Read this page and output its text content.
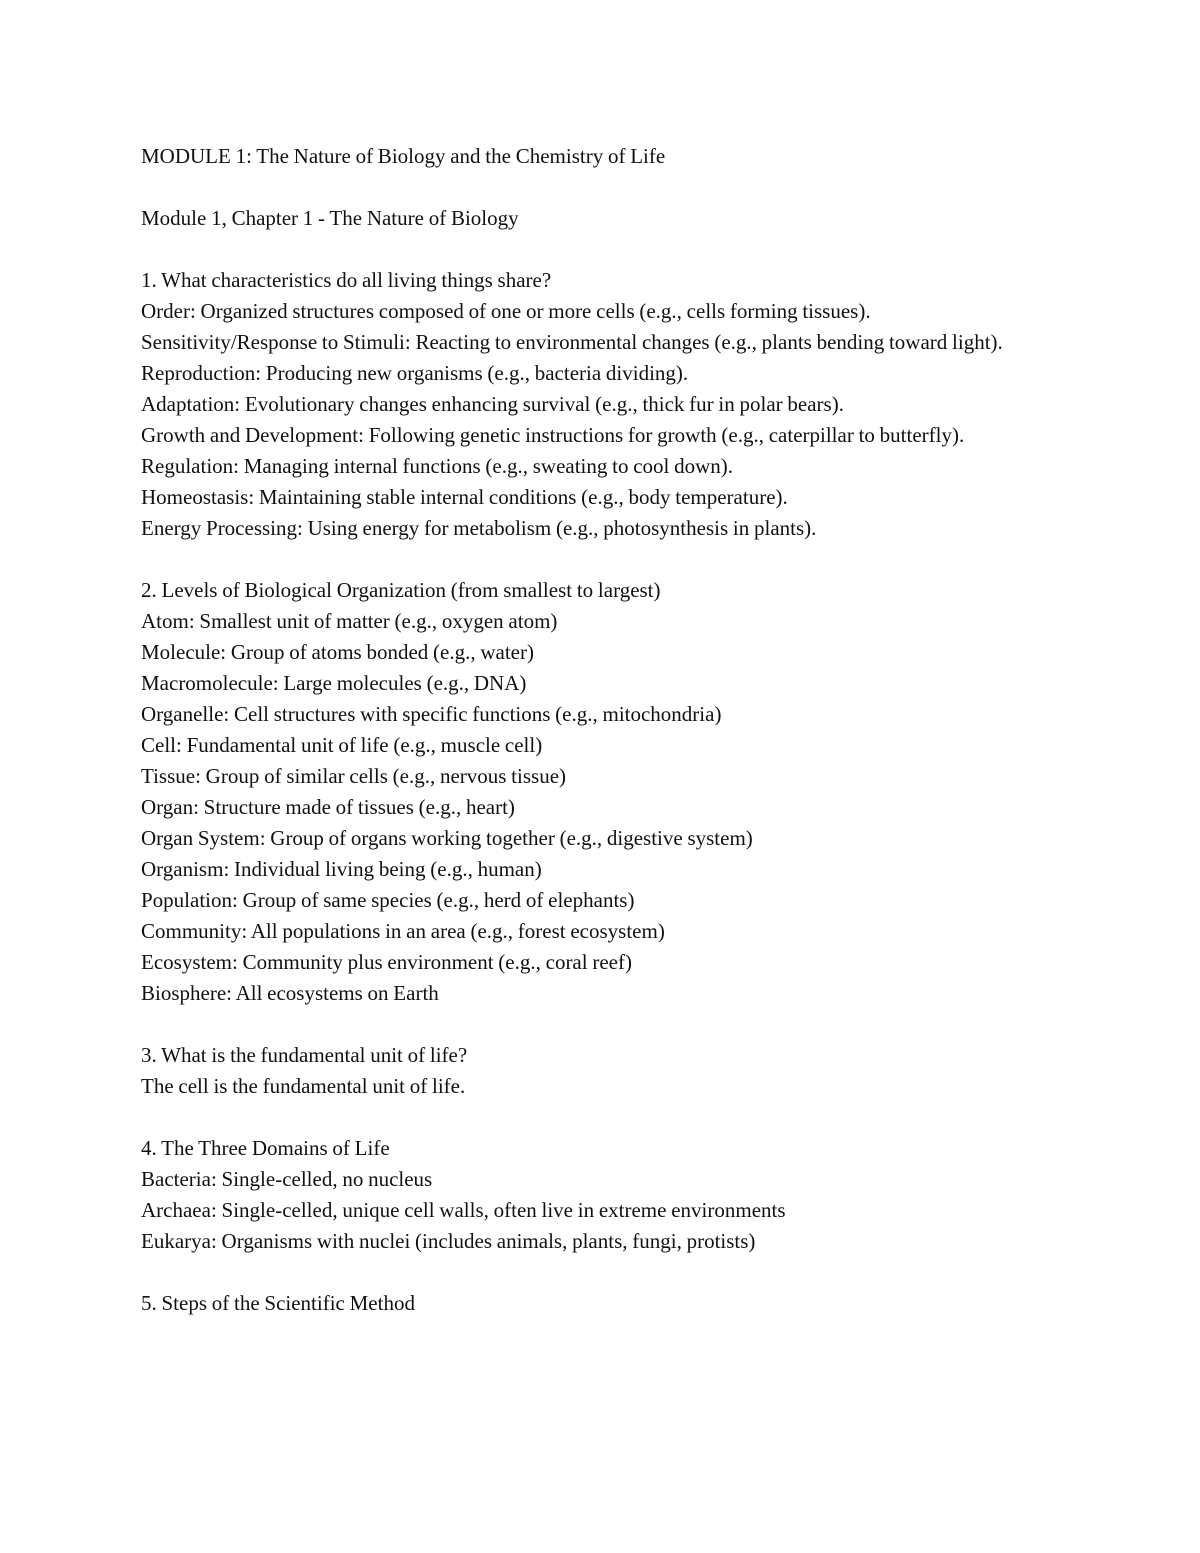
MODULE 1: The Nature of Biology and the Chemistry of Life

Module 1, Chapter 1 - The Nature of Biology

1. What characteristics do all living things share?

Order: Organized structures composed of one or more cells (e.g., cells forming tissues).

Sensitivity/Response to Stimuli: Reacting to environmental changes (e.g., plants bending toward light).

Reproduction: Producing new organisms (e.g., bacteria dividing).

Adaptation: Evolutionary changes enhancing survival (e.g., thick fur in polar bears).

Growth and Development: Following genetic instructions for growth (e.g., caterpillar to butterfly).

Regulation: Managing internal functions (e.g., sweating to cool down).

Homeostasis: Maintaining stable internal conditions (e.g., body temperature).

Energy Processing: Using energy for metabolism (e.g., photosynthesis in plants).

2. Levels of Biological Organization (from smallest to largest)

Atom: Smallest unit of matter (e.g., oxygen atom)

Molecule: Group of atoms bonded (e.g., water)

Macromolecule: Large molecules (e.g., DNA)

Organelle: Cell structures with specific functions (e.g., mitochondria)

Cell: Fundamental unit of life (e.g., muscle cell)

Tissue: Group of similar cells (e.g., nervous tissue)

Organ: Structure made of tissues (e.g., heart)

Organ System: Group of organs working together (e.g., digestive system)

Organism: Individual living being (e.g., human)

Population: Group of same species (e.g., herd of elephants)

Community: All populations in an area (e.g., forest ecosystem)

Ecosystem: Community plus environment (e.g., coral reef)

Biosphere: All ecosystems on Earth

3. What is the fundamental unit of life?

The cell is the fundamental unit of life.

4. The Three Domains of Life

Bacteria: Single-celled, no nucleus

Archaea: Single-celled, unique cell walls, often live in extreme environments

Eukarya: Organisms with nuclei (includes animals, plants, fungi, protists)

5. Steps of the Scientific Method
